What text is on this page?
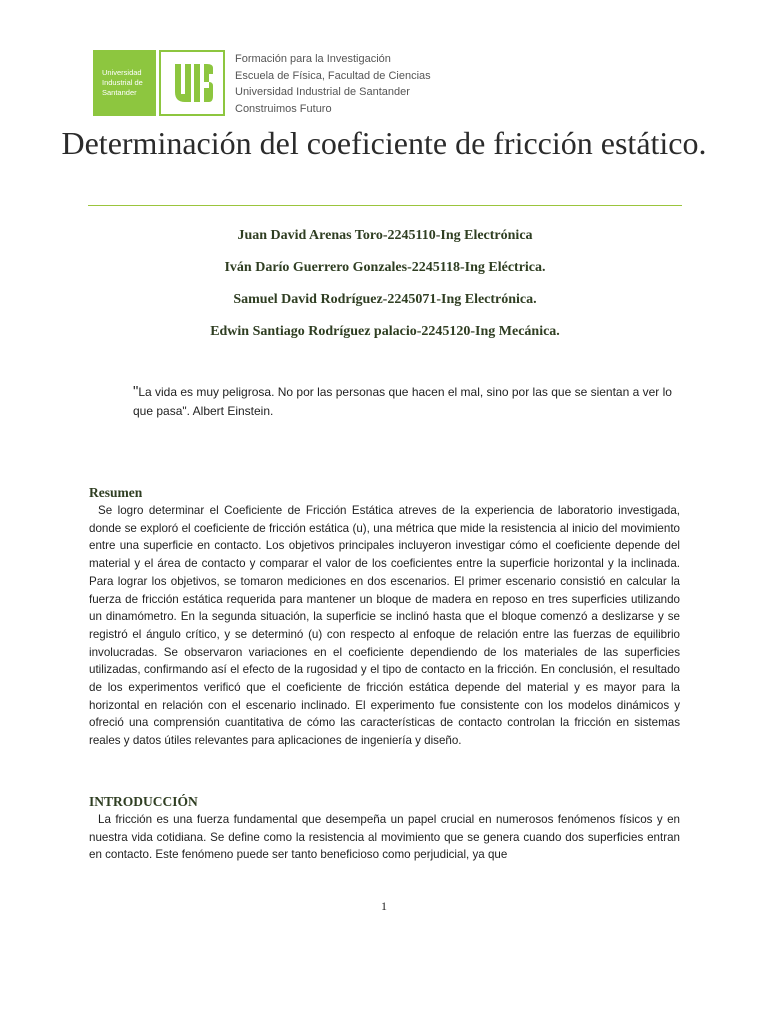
Universidad
Industrial de
Santander
Formación para la Investigación
Escuela de Física, Facultad de Ciencias
Universidad Industrial de Santander
Construimos Futuro
Determinación del coeficiente de fricción estático.
Juan David Arenas Toro-2245110-Ing Electrónica
Iván Darío Guerrero Gonzales-2245118-Ing Eléctrica.
Samuel David Rodríguez-2245071-Ing Electrónica.
Edwin Santiago Rodríguez palacio-2245120-Ing Mecánica.
"La vida es muy peligrosa. No por las personas que hacen el mal, sino por las que se sientan a ver lo que pasa". Albert Einstein.
Resumen

Se logro determinar el Coeficiente de Fricción Estática atreves de la experiencia de laboratorio investigada, donde se exploró el coeficiente de fricción estática (u), una métrica que mide la resistencia al inicio del movimiento entre una superficie en contacto. Los objetivos principales incluyeron investigar cómo el coeficiente depende del material y el área de contacto y comparar el valor de los coeficientes entre la superficie horizontal y la inclinada. Para lograr los objetivos, se tomaron mediciones en dos escenarios. El primer escenario consistió en calcular la fuerza de fricción estática requerida para mantener un bloque de madera en reposo en tres superficies utilizando un dinamómetro. En la segunda situación, la superficie se inclinó hasta que el bloque comenzó a deslizarse y se registró el ángulo crítico, y se determinó (u) con respecto al enfoque de relación entre las fuerzas de equilibrio involucradas. Se observaron variaciones en el coeficiente dependiendo de los materiales de las superficies utilizadas, confirmando así el efecto de la rugosidad y el tipo de contacto en la fricción. En conclusión, el resultado de los experimentos verificó que el coeficiente de fricción estática depende del material y es mayor para la horizontal en relación con el escenario inclinado. El experimento fue consistente con los modelos dinámicos y ofreció una comprensión cuantitativa de cómo las características de contacto controlan la fricción en sistemas reales y datos útiles relevantes para aplicaciones de ingeniería y diseño.

INTRODUCCIÓN

La fricción es una fuerza fundamental que desempeña un papel crucial en numerosos fenómenos físicos y en nuestra vida cotidiana. Se define como la resistencia al movimiento que se genera cuando dos superficies entran en contacto. Este fenómeno puede ser tanto beneficioso como perjudicial, ya que

1
